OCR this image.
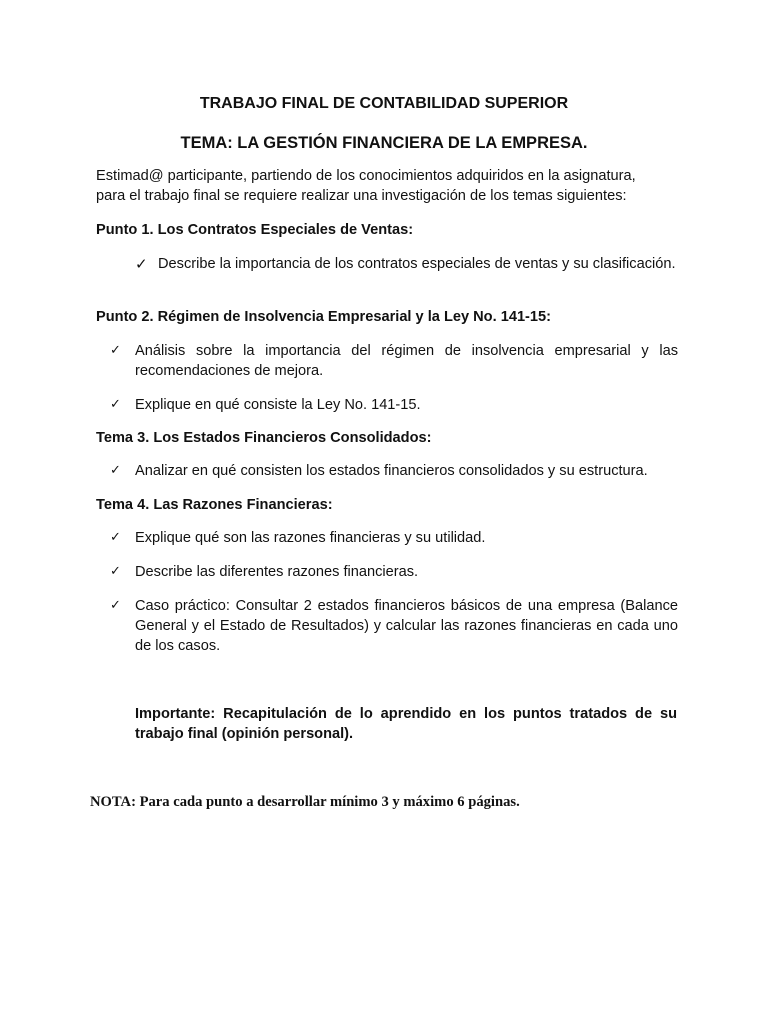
TRABAJO FINAL DE CONTABILIDAD SUPERIOR
TEMA: LA GESTIÓN FINANCIERA DE LA EMPRESA.
Estimad@ participante, partiendo de los conocimientos adquiridos en la asignatura,
para el trabajo final se requiere realizar una investigación de los temas siguientes:
Punto 1. Los Contratos Especiales de Ventas:
✓ Describe la importancia de los contratos especiales de ventas y su clasificación.
Punto 2. Régimen de Insolvencia Empresarial y la Ley No. 141-15:
✓ Análisis sobre la importancia del régimen de insolvencia empresarial y las recomendaciones de mejora.
✓ Explique en qué consiste la Ley No. 141-15.
Tema 3. Los Estados Financieros Consolidados:
✓ Analizar en qué consisten los estados financieros consolidados y su estructura.
Tema 4. Las Razones Financieras:
✓ Explique qué son las razones financieras y su utilidad.
✓ Describe las diferentes razones financieras.
✓ Caso práctico: Consultar 2 estados financieros básicos de una empresa (Balance General y el Estado de Resultados) y calcular las razones financieras en cada uno de los casos.
Importante: Recapitulación de lo aprendido en los puntos tratados de su trabajo final (opinión personal).
NOTA: Para cada punto a desarrollar mínimo 3 y máximo 6 páginas.
